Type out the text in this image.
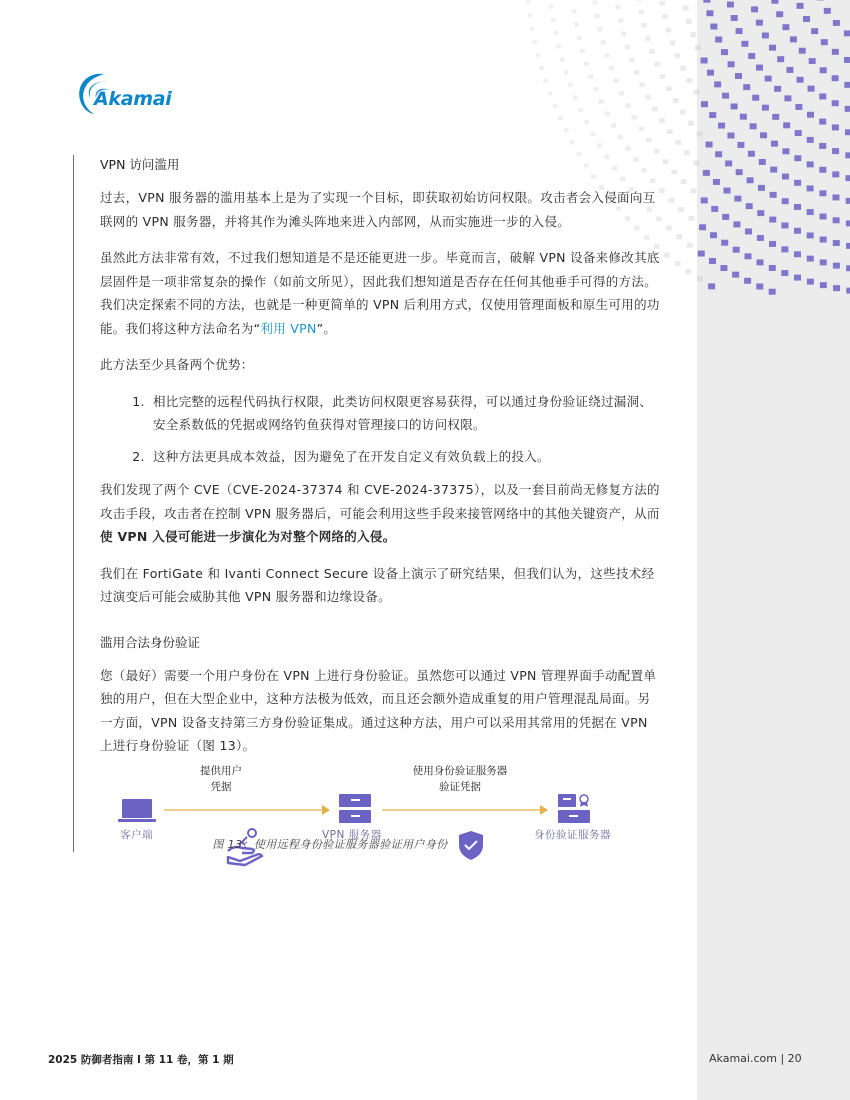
Akamai
VPN 访问滥用

过去，VPN 服务器的滥用基本上是为了实现一个目标，即获取初始访问权限。攻击者会入侵面向互联网的 VPN 服务器，并将其作为滩头阵地来进入内部网，从而实施进一步的入侵。

虽然此方法非常有效，不过我们想知道是不是还能更进一步。毕竟而言，破解 VPN 设备来修改其底层固件是一项非常复杂的操作（如前文所见），因此我们想知道是否存在任何其他垂手可得的方法。我们决定探索不同的方法，也就是一种更简单的 VPN 后利用方式，仅使用管理面板和原生可用的功能。我们将这种方法命名为“利用 VPN”。

此方法至少具备两个优势：

1. 相比完整的远程代码执行权限，此类访问权限更容易获得，可以通过身份验证绕过漏洞、安全系数低的凭据或网络钓鱼获得对管理接口的访问权限。
2. 这种方法更具成本效益，因为避免了在开发自定义有效负载上的投入。

我们发现了两个 CVE（CVE-2024-37374 和 CVE-2024-37375），以及一套目前尚无修复方法的攻击手段，攻击者在控制 VPN 服务器后，可能会利用这些手段来接管网络中的其他关键资产，从而使 VPN 入侵可能进一步演化为对整个网络的入侵。

我们在 FortiGate 和 Ivanti Connect Secure 设备上演示了研究结果，但我们认为，这些技术经过演变后可能会威胁其他 VPN 服务器和边缘设备。

滥用合法身份验证

您（最好）需要一个用户身份在 VPN 上进行身份验证。虽然您可以通过 VPN 管理界面手动配置单独的用户，但在大型企业中，这种方法极为低效，而且还会额外造成重复的用户管理混乱局面。另一方面，VPN 设备支持第三方身份验证集成。通过这种方法，用户可以采用其常用的凭据在 VPN 上进行身份验证（图 13）。

提供用户
凭据
使用身份验证服务器
验证凭据
客户端	VPN 服务器	身份验证服务器
图 13：使用远程身份验证服务器验证用户身份
2025 防御者指南 I 第 11 卷，第 1 期	Akamai.com | 20
